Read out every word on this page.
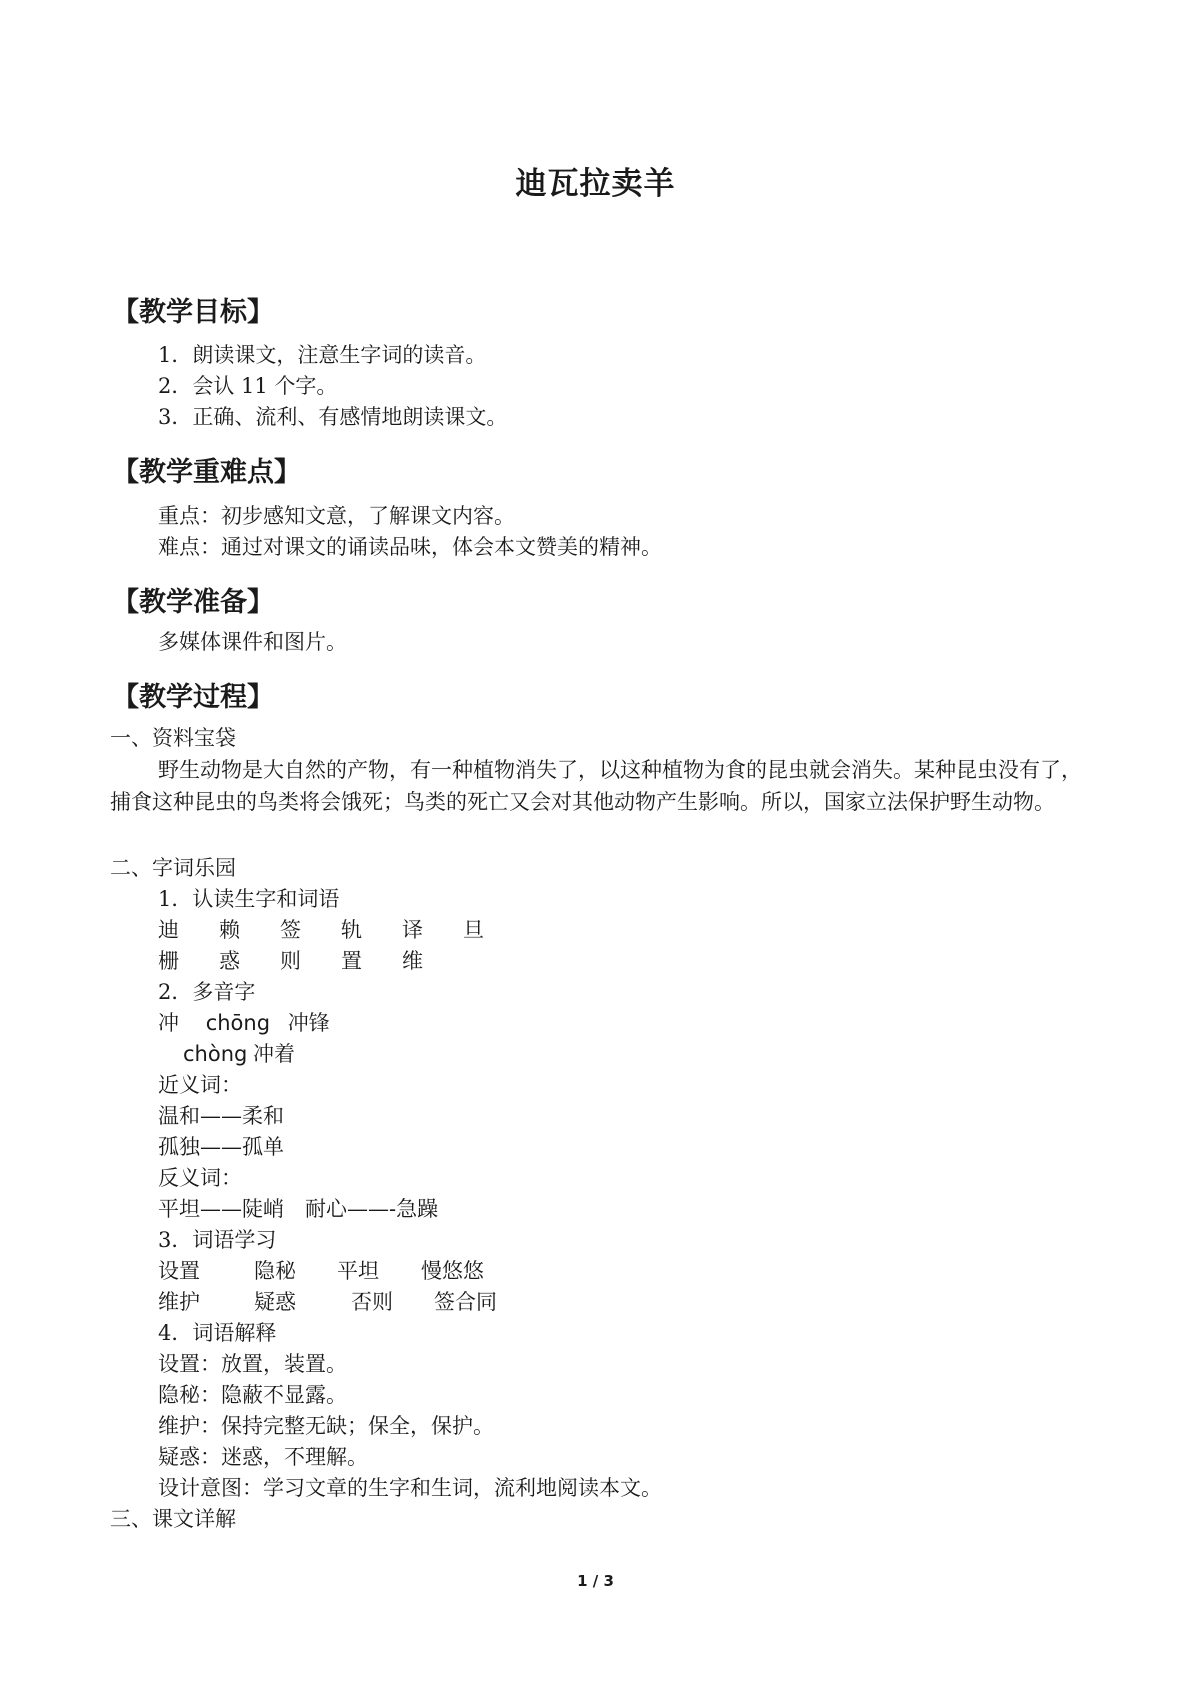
迪瓦拉卖羊
【教学目标】
1．朗读课文，注意生字词的读音。
2．会认 11 个字。
3．正确、流利、有感情地朗读课文。
【教学重难点】
重点：初步感知文意，了解课文内容。
难点：通过对课文的诵读品味，体会本文赞美的精神。
【教学准备】
多媒体课件和图片。
【教学过程】
一、资料宝袋
野生动物是大自然的产物，有一种植物消失了，以这种植物为食的昆虫就会消失。某种昆虫没有了，捕食这种昆虫的鸟类将会饿死；鸟类的死亡又会对其他动物产生影响。所以，国家立法保护野生动物。
二、字词乐园
1．认读生字和词语
迪 赖 签 轨 译 旦
栅 惑 则 置 维
2．多音字
冲 chōng 冲锋
chòng 冲着
近义词：
温和——柔和
孤独——孤单
反义词：
平坦——陡峭　耐心——-急躁
3．词语学习
设置	隐秘 平坦 慢悠悠
维护	疑惑	否则 签合同
4．词语解释
设置：放置，装置。
隐秘：隐蔽不显露。
维护：保持完整无缺；保全，保护。
疑惑：迷惑，不理解。
设计意图：学习文章的生字和生词，流利地阅读本文。
三、课文详解
1 / 3
